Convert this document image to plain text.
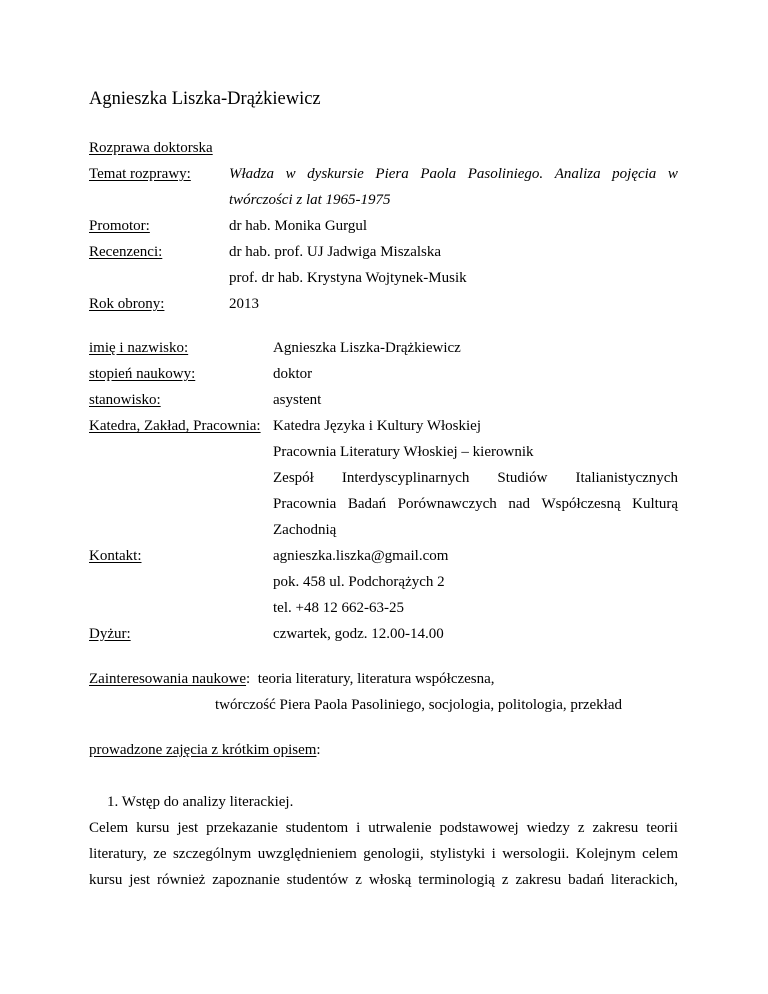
Agnieszka Liszka-Drążkiewicz
Rozprawa doktorska
Temat rozprawy:	Władza w dyskursie Piera Paola Pasoliniego. Analiza pojęcia w
twórczości z lat 1965-1975
Promotor:	dr hab. Monika Gurgul
Recenzenci:	dr hab. prof. UJ Jadwiga Miszalska
prof. dr hab. Krystyna Wojtynek-Musik
Rok obrony:	2013
imię i nazwisko:	Agnieszka Liszka-Drążkiewicz
stopień naukowy:	doktor
stanowisko:	asystent
Katedra, Zakład, Pracownia: Katedra Języka i Kultury Włoskiej
Pracownia Literatury Włoskiej – kierownik
Zespół Interdyscyplinarnych Studiów Italianistycznych
Pracownia Badań Porównawczych nad Współczesną Kulturą
Zachodnią
Kontakt:	agnieszka.liszka@gmail.com
pok. 458 ul. Podchorążych 2
tel. +48 12 662-63-25
Dyżur:	czwartek, godz. 12.00-14.00
Zainteresowania naukowe:  teoria literatury, literatura współczesna,
twórczość Piera Paola Pasoliniego, socjologia, politologia, przekład
prowadzone zajęcia z krótkim opisem:
1. Wstęp do analizy literackiej.
Celem kursu jest przekazanie studentom i utrwalenie podstawowej wiedzy z zakresu teorii
literatury, ze szczególnym uwzględnieniem genologii, stylistyki i wersologii. Kolejnym celem
kursu jest również zapoznanie studentów z włoską terminologią z zakresu badań literackich,
